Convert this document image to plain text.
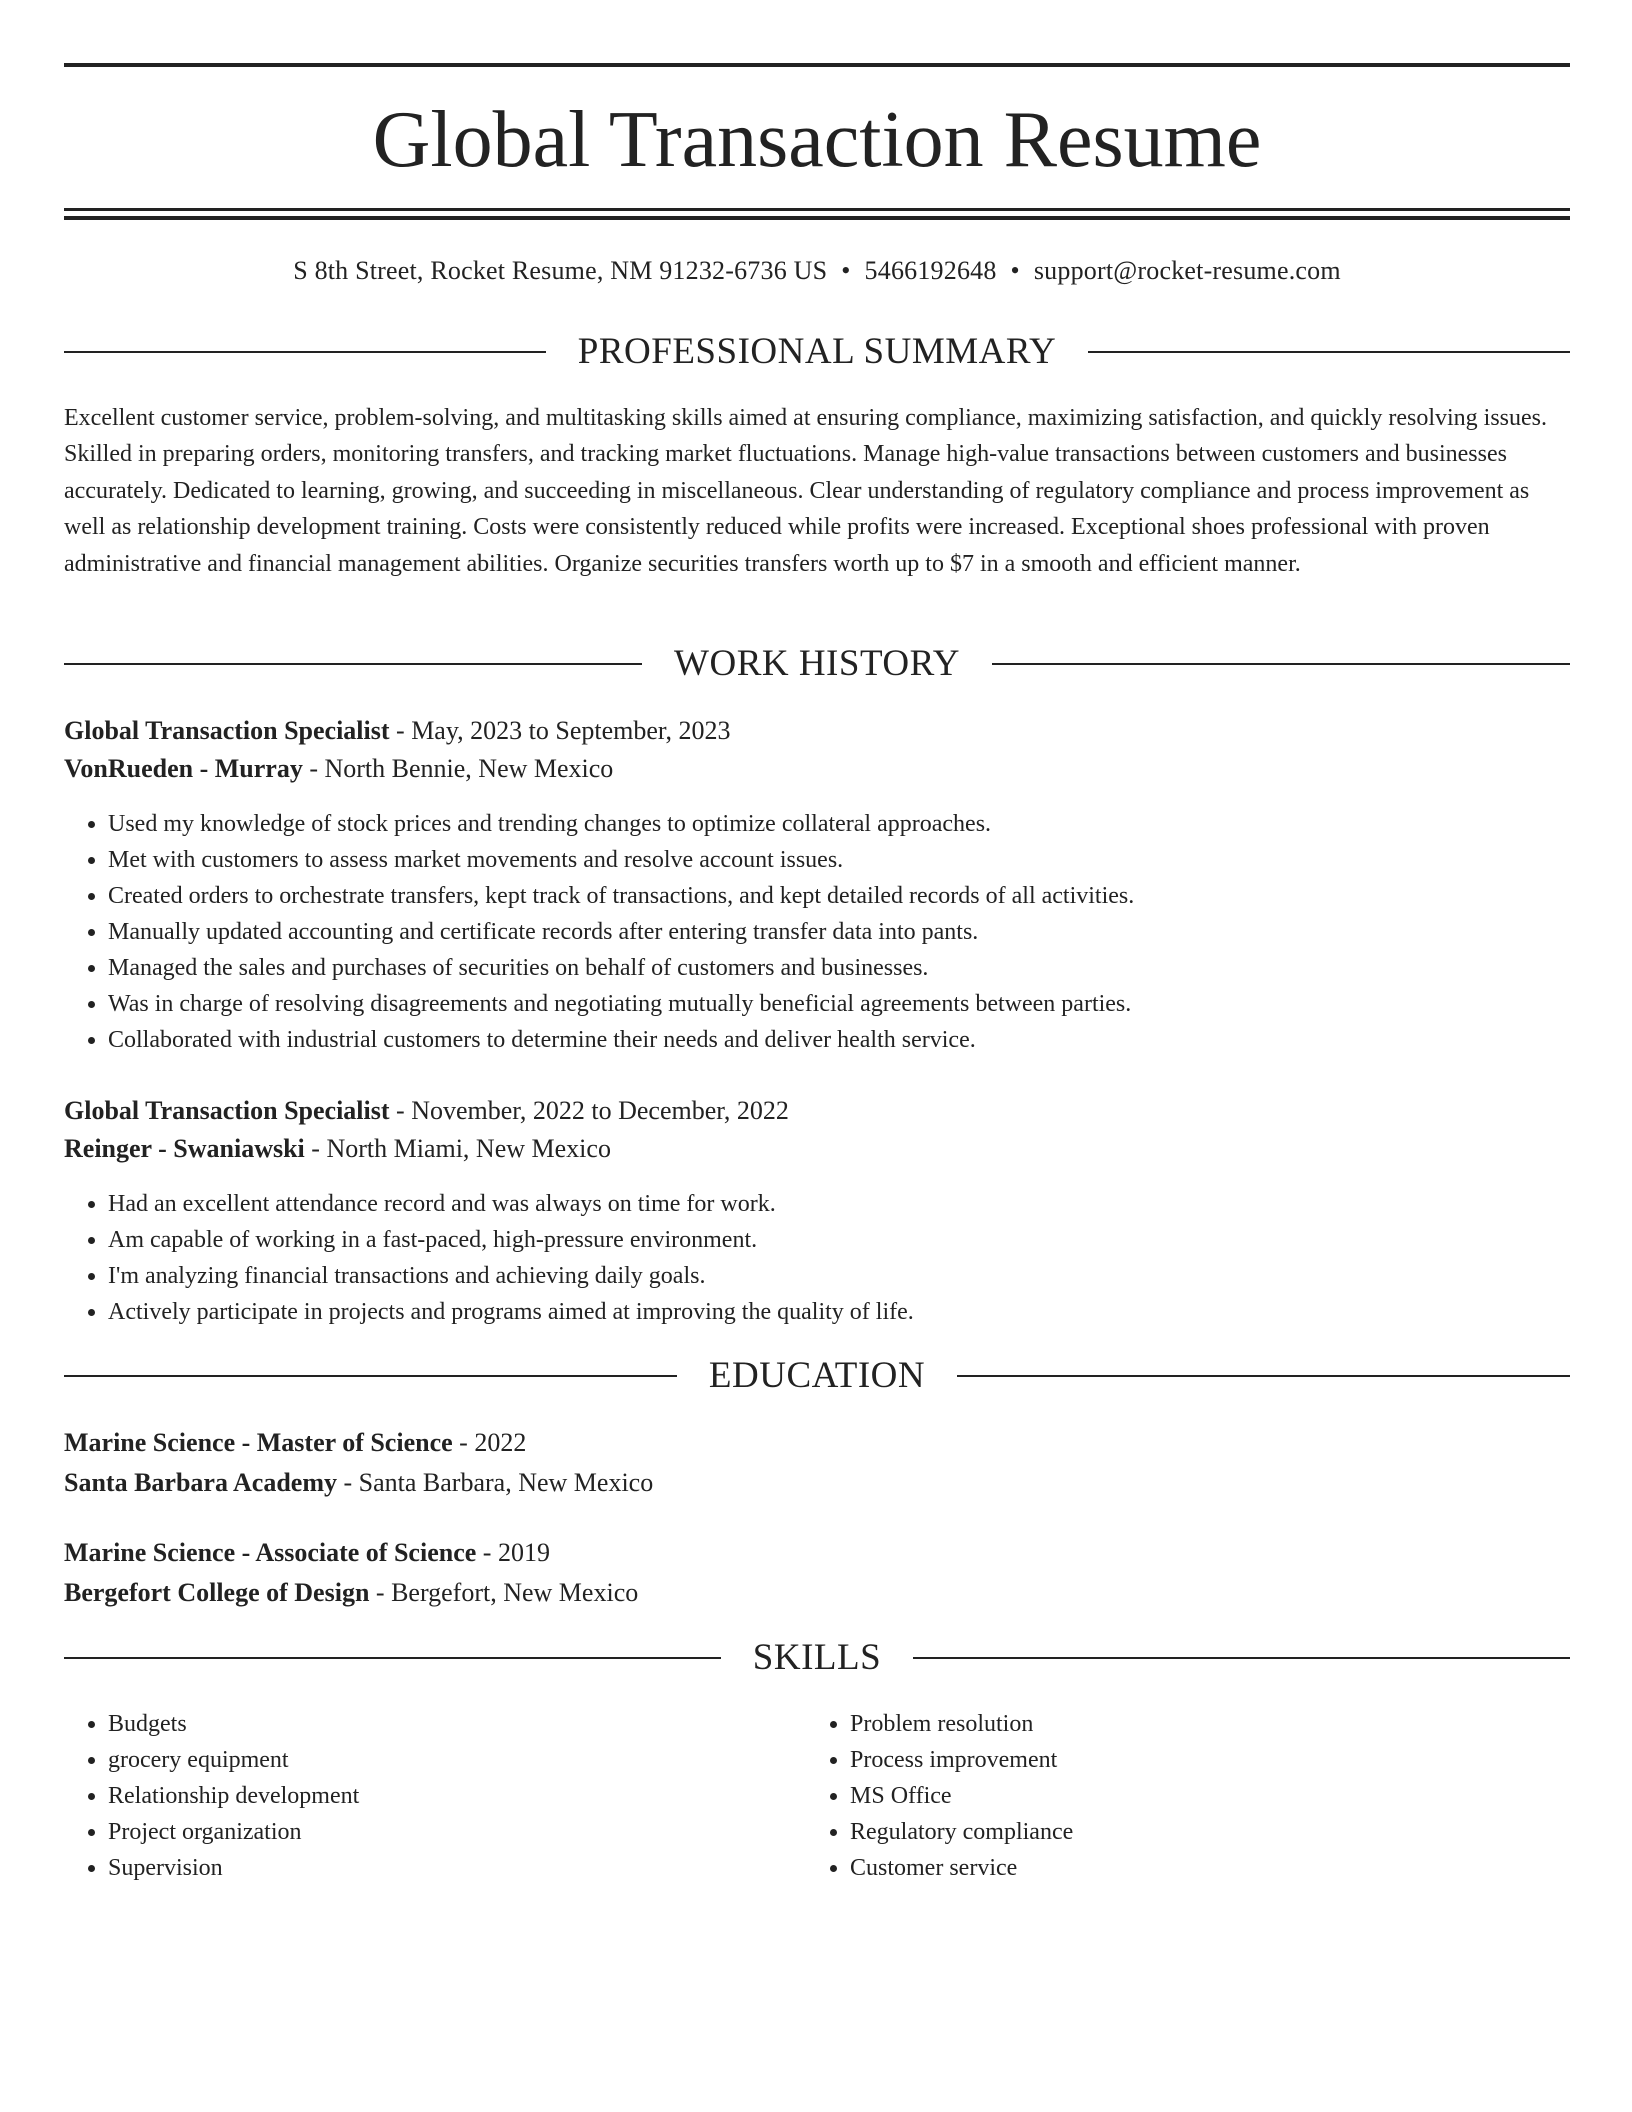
Global Transaction Resume
S 8th Street, Rocket Resume, NM 91232-6736 US • 5466192648 • support@rocket-resume.com
PROFESSIONAL SUMMARY

Excellent customer service, problem-solving, and multitasking skills aimed at ensuring compliance, maximizing satisfaction, and quickly resolving issues. Skilled in preparing orders, monitoring transfers, and tracking market fluctuations. Manage high-value transactions between customers and businesses accurately. Dedicated to learning, growing, and succeeding in miscellaneous. Clear understanding of regulatory compliance and process improvement as well as relationship development training. Costs were consistently reduced while profits were increased. Exceptional shoes professional with proven administrative and financial management abilities. Organize securities transfers worth up to $7 in a smooth and efficient manner.

WORK HISTORY
Global Transaction Specialist - May, 2023 to September, 2023
VonRueden - Murray - North Bennie, New Mexico
• Used my knowledge of stock prices and trending changes to optimize collateral approaches.
• Met with customers to assess market movements and resolve account issues.
• Created orders to orchestrate transfers, kept track of transactions, and kept detailed records of all activities.
• Manually updated accounting and certificate records after entering transfer data into pants.
• Managed the sales and purchases of securities on behalf of customers and businesses.
• Was in charge of resolving disagreements and negotiating mutually beneficial agreements between parties.
• Collaborated with industrial customers to determine their needs and deliver health service.
Global Transaction Specialist - November, 2022 to December, 2022
Reinger - Swaniawski - North Miami, New Mexico
• Had an excellent attendance record and was always on time for work.
• Am capable of working in a fast-paced, high-pressure environment.
• I'm analyzing financial transactions and achieving daily goals.
• Actively participate in projects and programs aimed at improving the quality of life.
EDUCATION
Marine Science - Master of Science - 2022
Santa Barbara Academy - Santa Barbara, New Mexico
Marine Science - Associate of Science - 2019
Bergefort College of Design - Bergefort, New Mexico
SKILLS
• Budgets
• grocery equipment
• Relationship development
• Project organization
• Supervision
• Problem resolution
• Process improvement
• MS Office
• Regulatory compliance
• Customer service
